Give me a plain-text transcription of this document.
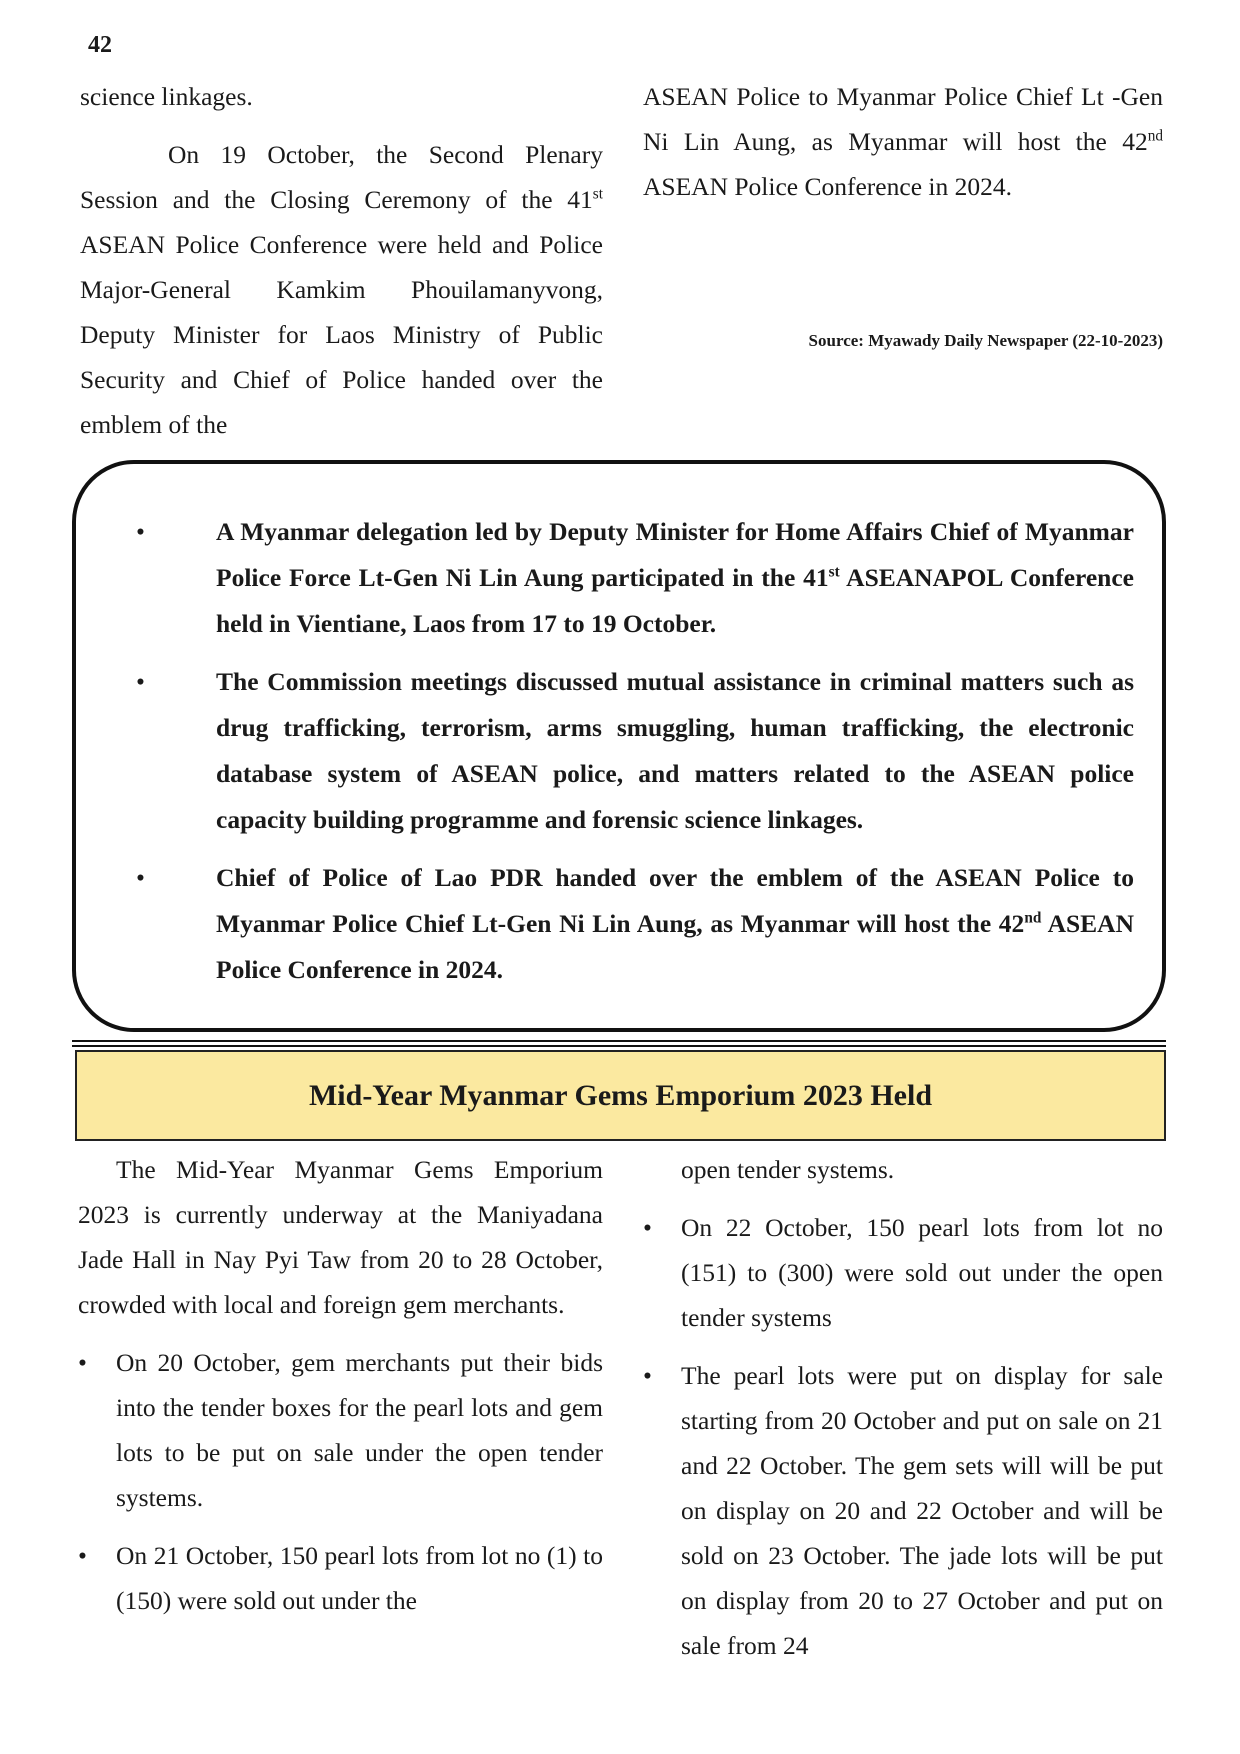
42

science linkages.

On 19 October, the Second Plenary Session and the Closing Ceremony of the 41st ASEAN Police Conference were held and Police Major-General Kamkim Phouilamanyvong, Deputy Minister for Laos Ministry of Public Security and Chief of Police handed over the emblem of the

ASEAN Police to Myanmar Police Chief Lt -Gen Ni Lin Aung, as Myanmar will host the 42nd ASEAN Police Conference in 2024.

Source: Myawady Daily Newspaper (22-10-2023)
•	A Myanmar delegation led by Deputy Minister for Home Affairs Chief of Myanmar Police Force Lt-Gen Ni Lin Aung participated in the 41st ASEANAPOL Conference held in Vientiane, Laos from 17 to 19 October.
•	The Commission meetings discussed mutual assistance in criminal matters such as drug trafficking, terrorism, arms smuggling, human trafficking, the electronic database system of ASEAN police, and matters related to the ASEAN police capacity building programme and forensic science linkages.
•	Chief of Police of Lao PDR handed over the emblem of the ASEAN Police to Myanmar Police Chief Lt-Gen Ni Lin Aung, as Myanmar will host the 42nd ASEAN Police Conference in 2024.
Mid-Year Myanmar Gems Emporium 2023 Held

The Mid-Year Myanmar Gems Emporium 2023 is currently underway at the Maniyadana Jade Hall in Nay Pyi Taw from 20 to 28 October, crowded with local and foreign gem merchants.

• On 20 October, gem merchants put their bids into the tender boxes for the pearl lots and gem lots to be put on sale under the open tender systems.
• On 21 October, 150 pearl lots from lot no (1) to (150) were sold out under the

open tender systems.

• On 22 October, 150 pearl lots from lot no (151) to (300) were sold out under the open tender systems
• The pearl lots were put on display for sale starting from 20 October and put on sale on 21 and 22 October. The gem sets will will be put on display on 20 and 22 October and will be sold on 23 October. The jade lots will be put on display from 20 to 27 October and put on sale from 24
